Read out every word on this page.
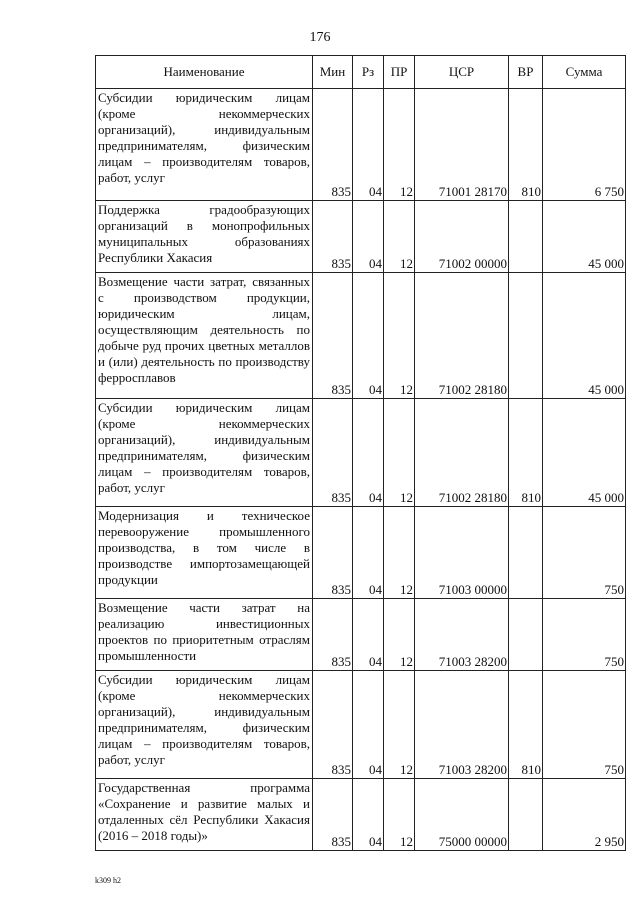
176
Наименование	Мин	Рз	ПР	ЦСР	ВР	Сумма
Субсидии юридическим лицам (кроме некоммерческих организаций), индивидуальным предпринимателям, физическим лицам – производителям товаров, работ, услуг	835	04	12	71001 28170	810	6 750
Поддержка градообразующих организаций в монопрофильных муниципальных образованиях Республики Хакасия	835	04	12	71002 00000		45 000
Возмещение части затрат, связанных с производством продукции, юридическим лицам, осуществляющим деятельность по добыче руд прочих цветных металлов и (или) деятельность по производству ферросплавов	835	04	12	71002 28180		45 000
Субсидии юридическим лицам (кроме некоммерческих организаций), индивидуальным предпринимателям, физическим лицам – производителям товаров, работ, услуг	835	04	12	71002 28180	810	45 000
Модернизация и техническое перевооружение промышленного производства, в том числе в производстве импортозамещающей продукции	835	04	12	71003 00000		750
Возмещение части затрат на реализацию инвестиционных проектов по приоритетным отраслям промышленности	835	04	12	71003 28200		750
Субсидии юридическим лицам (кроме некоммерческих организаций), индивидуальным предпринимателям, физическим лицам – производителям товаров, работ, услуг	835	04	12	71003 28200	810	750
Государственная программа «Сохранение и развитие малых и отдаленных сёл Республики Хакасия (2016 – 2018 годы)»	835	04	12	75000 00000		2 950
k309 h2
